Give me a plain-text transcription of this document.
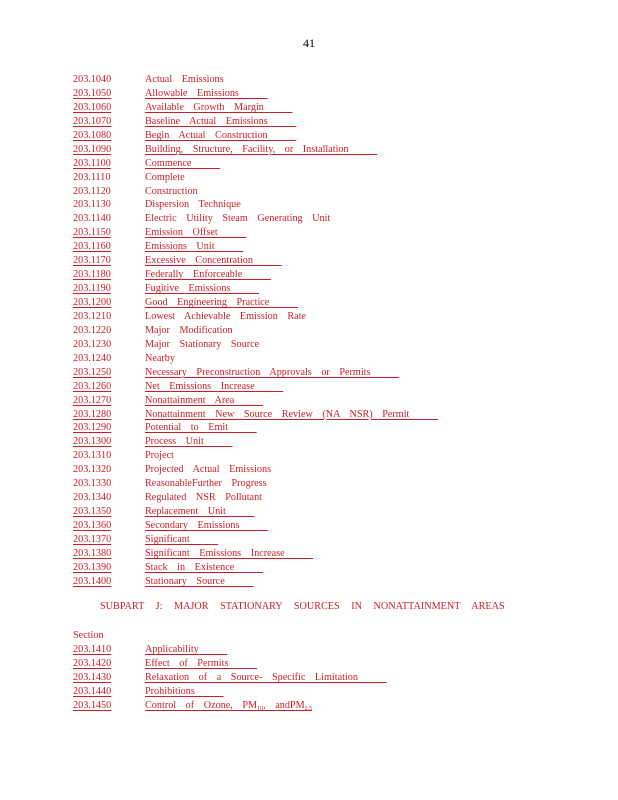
41
203.1040	Actual Emissions
203.1050	Allowable Emissions
203.1060	Available Growth Margin
203.1070	Baseline Actual Emissions
203.1080	Begin Actual Construction
203.1090	Building, Structure, Facility, or Installation
203.1100	Commence
203.1110	Complete
203.1120	Construction
203.1130	Dispersion Technique
203.1140	Electric Utility Steam Generating Unit
203.1150	Emission Offset
203.1160	Emissions Unit
203.1170	Excessive Concentration
203.1180	Federally Enforceable
203.1190	Fugitive Emissions
203.1200	Good Engineering Practice
203.1210	Lowest Achievable Emission Rate
203.1220	Major Modification
203.1230	Major Stationary Source
203.1240	Nearby
203.1250	Necessary Preconstruction Approvals or Permits
203.1260	Net Emissions Increase
203.1270	Nonattainment Area
203.1280	Nonattainment New Source Review (NA NSR) Permit
203.1290	Potential to Emit
203.1300	Process Unit
203.1310	Project
203.1320	Projected Actual Emissions
203.1330	ReasonableFurther Progress
203.1340	Regulated NSR Pollutant
203.1350	Replacement Unit
203.1360	Secondary Emissions
203.1370	Significant
203.1380	Significant Emissions Increase
203.1390	Stack in Existence
203.1400	Stationary Source
SUBPART J: MAJOR STATIONARY SOURCES IN NONATTAINMENT AREAS
Section
203.1410	Applicability
203.1420	Effect of Permits
203.1430	Relaxation of a Source- Specific Limitation
203.1440	Prohibitions
203.1450	Control of Ozone, $PM_{10}$, andPM$_{2.5}$
